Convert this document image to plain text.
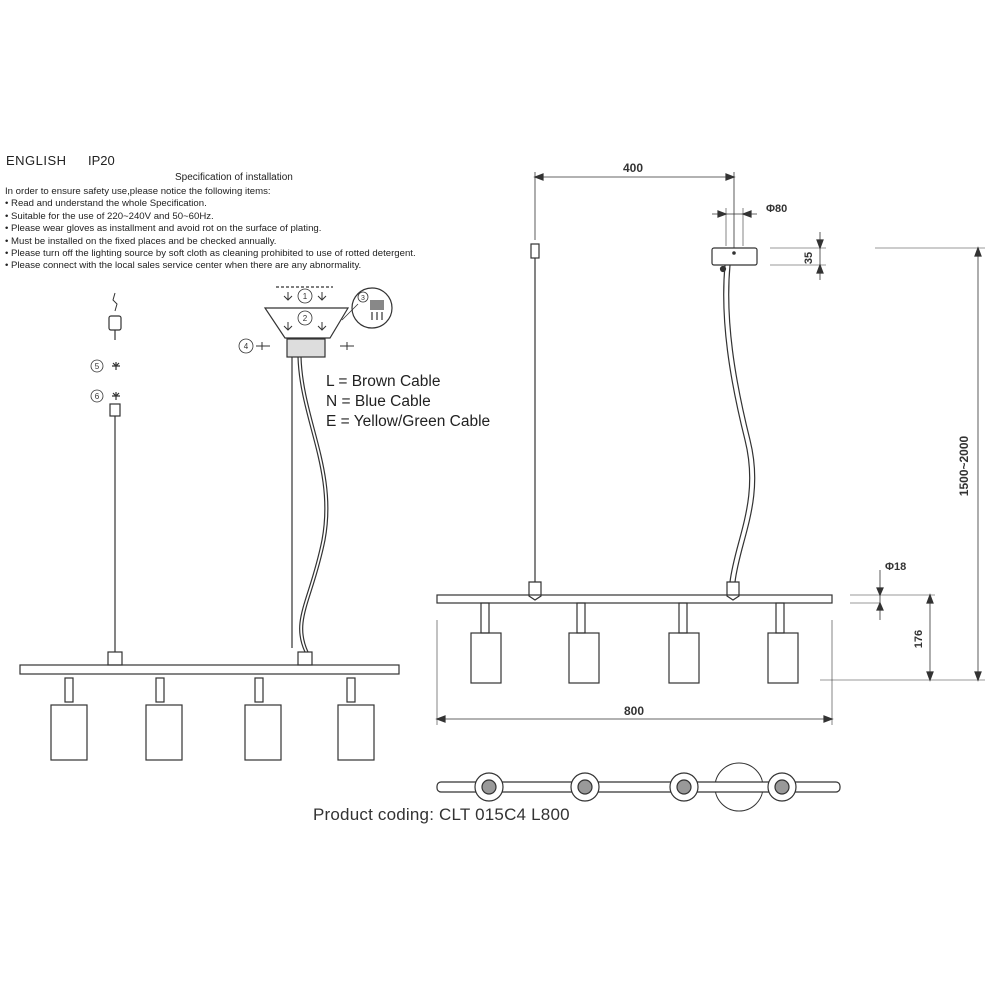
ENGLISH IP20
Specification of installation
In order to ensure safety use,please notice the following items:
• Read and understand the whole Specification.
• Suitable for the use of 220~240V and 50~60Hz.
• Please wear gloves as installment and avoid rot on the surface of plating.
• Must be installed on the fixed places and be checked annually.
• Please turn off the lighting source by soft cloth as cleaning prohibited to use of rotted detergent.
• Please connect with the local sales service center when there are any abnormality.
L = Brown Cable
N = Blue Cable
E = Yellow/Green Cable
Product coding: CLT 015C4 L800
5
6
1
2
4
3
400
Φ80
35
1500~2000
Φ18
176
800
